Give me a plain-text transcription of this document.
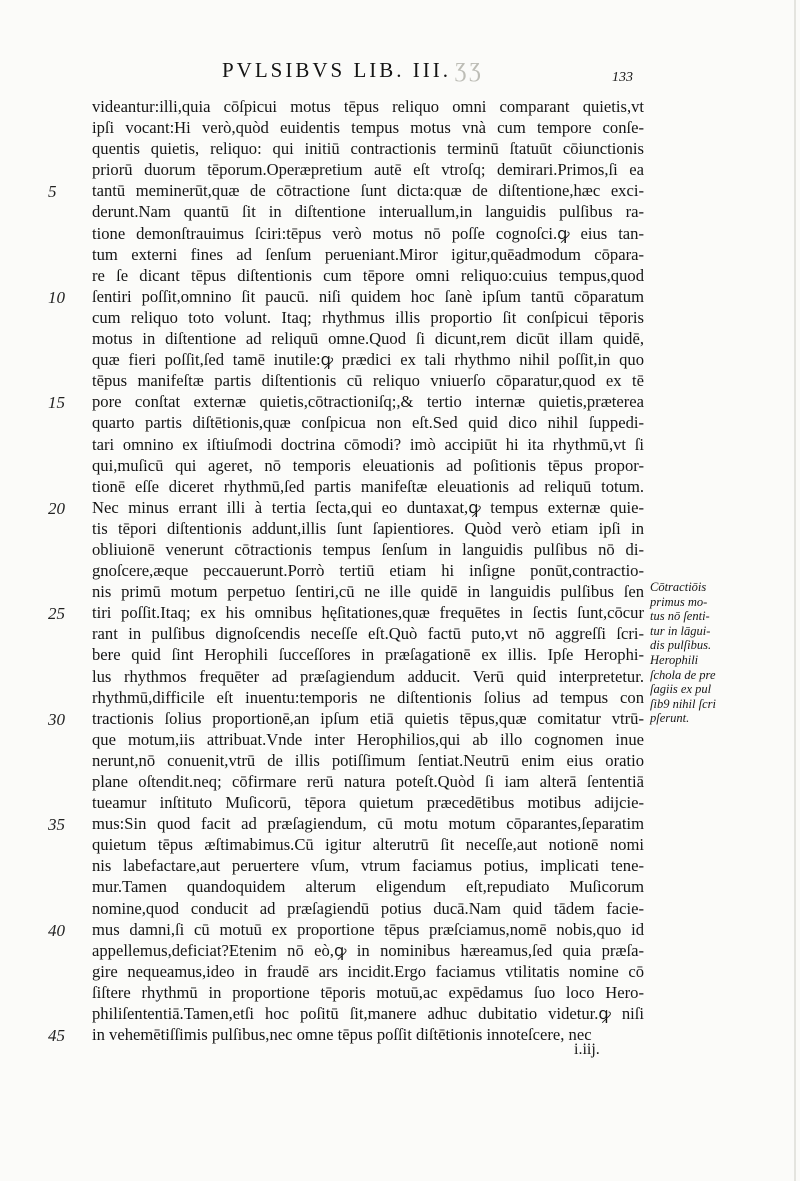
PVLSIBVS LIB. III. ƷƷ	133
videantur:illi,quia cōſpicui motus tēpus reliquo omni comparant quietis,vt
ipſi vocant:Hi verò,quòd euidentis tempus motus vnà cum tempore conſe-
quentis quietis, reliquo: qui initiū contractionis terminū ſtatuūt cōiunctionis
priorū duorum tēporum.Operæpretium autē eſt vtroſq; demirari.Primos,ſi ea
tantū meminerūt,quæ de cōtractione ſunt dicta:quæ de diſtentione,hæc exci-
derunt.Nam quantū ſit in diſtentione interuallum,in languidis pulſibus ra-
tione demonſtrauimus ſciri:tēpus verò motus nō poſſe cognoſci.ꝙ eius tan-
tum externi fines ad ſenſum perueniant.Miror igitur,quēadmodum cōpara-
re ſe dicant tēpus diſtentionis cum tēpore omni reliquo:cuius tempus,quod
ſentiri poſſit,omnino ſit paucū. niſi quidem hoc ſanè ipſum tantū cōparatum
cum reliquo toto volunt. Itaq; rhythmus illis proportio ſit conſpicui tēporis
motus in diſtentione ad reliquū omne.Quod ſi dicunt,rem dicūt illam quidē,
quæ fieri poſſit,ſed tamē inutile:ꝙ prædici ex tali rhythmo nihil poſſit,in quo
tēpus manifeſtæ partis diſtentionis cū reliquo vniuerſo cōparatur,quod ex tē
pore conſtat externæ quietis,cōtractioniſq;,& tertio internæ quietis,præterea
quarto partis diſtētionis,quæ conſpicua non eſt.Sed quid dico nihil ſuppedi-
tari omnino ex iſtiuſmodi doctrina cōmodi? imò accipiūt hi ita rhythmū,vt ſi
qui,muſicū qui ageret, nō temporis eleuationis ad poſitionis tēpus propor-
tionē eſſe diceret rhythmū,ſed partis manifeſtæ eleuationis ad reliquū totum.
Nec minus errant illi à tertia ſecta,qui eo duntaxat,ꝙ tempus externæ quie-
tis tēpori diſtentionis addunt,illis ſunt ſapientiores. Quòd verò etiam ipſi in
obliuionē venerunt cōtractionis tempus ſenſum in languidis pulſibus nō di-
gnoſcere,æque peccauerunt.Porrò tertiū etiam hi inſigne ponūt,contractio-
nis primū motum perpetuo ſentiri,cū ne ille quidē in languidis pulſibus ſen
tiri poſſit.Itaq; ex his omnibus hęſitationes,quæ frequētes in ſectis ſunt,cōcur
rant in pulſibus dignoſcendis neceſſe eſt.Quò factū puto,vt nō aggreſſi ſcri-
bere quid ſint Herophili ſucceſſores in præſagationē ex illis. Ipſe Herophi-
lus rhythmos frequēter ad præſagiendum adducit. Verū quid interpretetur.
rhythmū,difficile eſt inuentu:temporis ne diſtentionis ſolius ad tempus con
tractionis ſolius proportionē,an ipſum etiā quietis tēpus,quæ comitatur vtrū-
que motum,iis attribuat.Vnde inter Herophilios,qui ab illo cognomen inue
nerunt,nō conuenit,vtrū de illis potiſſimum ſentiat.Neutrū enim eius oratio
plane oſtendit.neq; cōfirmare rerū natura poteſt.Quòd ſi iam alterā ſententiā
tueamur inſtituto Muſicorū, tēpora quietum præcedētibus motibus adijcie-
mus:Sin quod facit ad præſagiendum, cū motu motum cōparantes,ſeparatim
quietum tēpus æſtimabimus.Cū igitur alterutrū ſit neceſſe,aut notionē nomi
nis labefactare,aut peruertere vſum, vtrum faciamus potius, implicati tene-
mur.Tamen quandoquidem alterum eligendum eſt,repudiato Muſicorum
nomine,quod conducit ad præſagiendū potius ducā.Nam quid tādem facie-
mus damni,ſi cū motuū ex proportione tēpus præſciamus,nomē nobis,quo id
appellemus,deficiat?Etenim nō eò,ꝙ in nominibus hæreamus,ſed quia præſa-
gire nequeamus,ideo in fraudē ars incidit.Ergo faciamus vtilitatis nomine cō
ſiſtere rhythmū in proportione tēporis motuū,ac expēdamus ſuo loco Hero-
philiſententiā.Tamen,etſi hoc poſitū ſit,manere adhuc dubitatio videtur.ꝙ niſi
in vehemētiſſimis pulſibus,nec omne tēpus poſſit diſtētionis innoteſcere, nec
5
10
15
20
25
30
35
40
45
Cōtractiōis
primus mo-
tus nō ſenti-
tur in lāgui-
dis pulſibus.
Herophili
ſchola de pre
ſagiis ex pul
ſib9 nihil ſcri
pſerunt.
i.iij.
